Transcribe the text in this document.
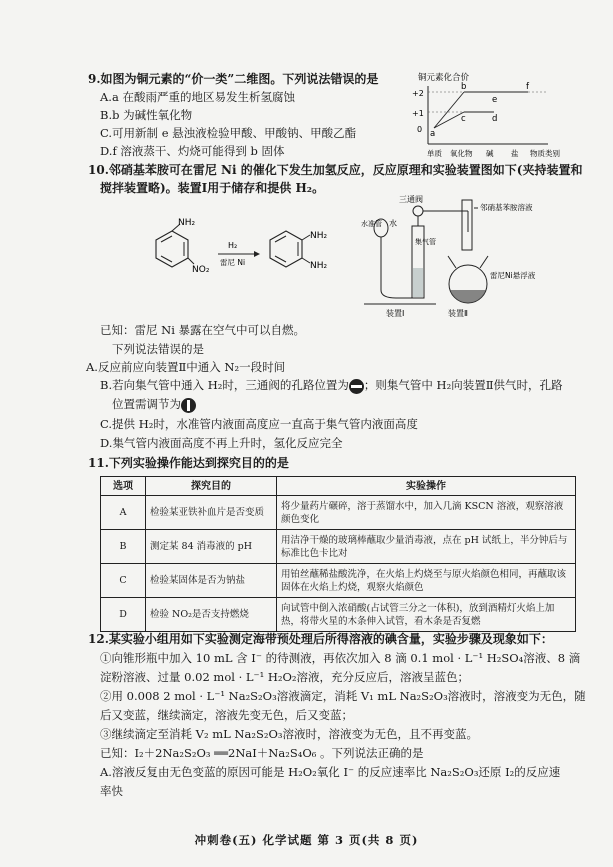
9.如图为铜元素的“价一类”二维图。下列说法错误的是
A.a 在酸雨严重的地区易发生析氢腐蚀
B.b 为碱性氧化物
C.可用新制 e 悬浊液检验甲酸、甲酸钠、甲酸乙酯
D.f 溶液蒸干、灼烧可能得到 b 固体
铜元素化合价
+2
+1
0 a
b
c	d
e
f
单质 氧化物 碱 盐 物质类别
10.邻硝基苯胺可在雷尼 Ni 的催化下发生加氢反应，反应原理和实验装置图如下(夹持装置和
搅拌装置略)。装置Ⅰ用于储存和提供 H₂。
NH₂
NO₂
H₂
雷尼 Ni
NH₂
NH₂
三通阀
集气管
水
水准管
装置Ⅰ
邻硝基苯胺溶液
雷尼Ni悬浮液
装置Ⅱ
已知：雷尼 Ni 暴露在空气中可以自燃。
下列说法错误的是
A.反应前应向装置Ⅱ中通入 N₂一段时间
B.若向集气管中通入 H₂时，三通阀的孔路位置为 ；则集气管中 H₂向装置Ⅱ供气时，孔路
位置需调节为
C.提供 H₂时，水准管内液面高度应一直高于集气管内液面高度
D.集气管内液面高度不再上升时，氢化反应完全
11.下列实验操作能达到探究目的的是
选项	探究目的	实验操作
A	检验某亚铁补血片是否变质	将少量药片碾碎，溶于蒸馏水中，加入几滴 KSCN 溶液，观察溶液颜色变化
B	测定某 84 消毒液的 pH	用洁净干燥的玻璃棒蘸取少量消毒液，点在 pH 试纸上，半分钟后与标准比色卡比对
C	检验某固体是否为钠盐	用铂丝蘸稀盐酸洗净，在火焰上灼烧至与原火焰颜色相同，再蘸取该固体在火焰上灼烧，观察火焰颜色
D	检验 NO₂是否支持燃烧	向试管中倒入浓硝酸(占试管三分之一体积)，放到酒精灯火焰上加热，将带火星的木条伸入试管，看木条是否复燃
12.某实验小组用如下实验测定海带预处理后所得溶液的碘含量，实验步骤及现象如下：
①向锥形瓶中加入 10 mL 含 I⁻ 的待测液，再依次加入 8 滴 0.1 mol · L⁻¹ H₂SO₄溶液、8 滴
淀粉溶液、过量 0.02 mol · L⁻¹ H₂O₂溶液，充分反应后，溶液呈蓝色；
②用 0.008 2 mol · L⁻¹ Na₂S₂O₃溶液滴定，消耗 V₁ mL Na₂S₂O₃溶液时，溶液变为无色，随
后又变蓝，继续滴定，溶液先变无色，后又变蓝；
③继续滴定至消耗 V₂ mL Na₂S₂O₃溶液时，溶液变为无色，且不再变蓝。
已知：I₂＋2Na₂S₂O₃ ══2NaI＋Na₂S₄O₆ 。下列说法正确的是
A.溶液反复由无色变蓝的原因可能是 H₂O₂氧化 I⁻ 的反应速率比 Na₂S₂O₃还原 I₂的反应速
率快
冲刺卷(五) 化学试题 第 3 页(共 8 页)
